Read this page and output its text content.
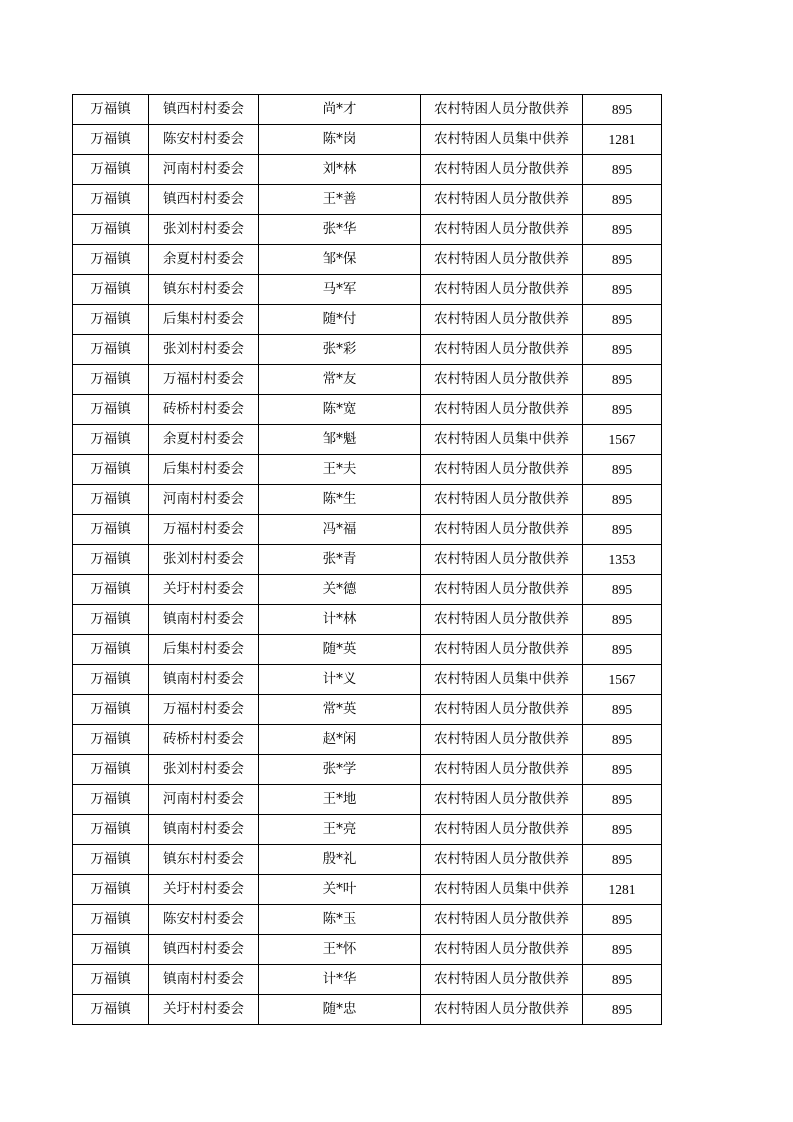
万福镇	镇西村村委会	尚*才	农村特困人员分散供养	895
万福镇	陈安村村委会	陈*岗	农村特困人员集中供养	1281
万福镇	河南村村委会	刘*林	农村特困人员分散供养	895
万福镇	镇西村村委会	王*善	农村特困人员分散供养	895
万福镇	张刘村村委会	张*华	农村特困人员分散供养	895
万福镇	余夏村村委会	邹*保	农村特困人员分散供养	895
万福镇	镇东村村委会	马*军	农村特困人员分散供养	895
万福镇	后集村村委会	随*付	农村特困人员分散供养	895
万福镇	张刘村村委会	张*彩	农村特困人员分散供养	895
万福镇	万福村村委会	常*友	农村特困人员分散供养	895
万福镇	砖桥村村委会	陈*宽	农村特困人员分散供养	895
万福镇	余夏村村委会	邹*魁	农村特困人员集中供养	1567
万福镇	后集村村委会	王*夫	农村特困人员分散供养	895
万福镇	河南村村委会	陈*生	农村特困人员分散供养	895
万福镇	万福村村委会	冯*福	农村特困人员分散供养	895
万福镇	张刘村村委会	张*青	农村特困人员分散供养	1353
万福镇	关圩村村委会	关*德	农村特困人员分散供养	895
万福镇	镇南村村委会	计*林	农村特困人员分散供养	895
万福镇	后集村村委会	随*英	农村特困人员分散供养	895
万福镇	镇南村村委会	计*义	农村特困人员集中供养	1567
万福镇	万福村村委会	常*英	农村特困人员分散供养	895
万福镇	砖桥村村委会	赵*闲	农村特困人员分散供养	895
万福镇	张刘村村委会	张*学	农村特困人员分散供养	895
万福镇	河南村村委会	王*地	农村特困人员分散供养	895
万福镇	镇南村村委会	王*亮	农村特困人员分散供养	895
万福镇	镇东村村委会	殷*礼	农村特困人员分散供养	895
万福镇	关圩村村委会	关*叶	农村特困人员集中供养	1281
万福镇	陈安村村委会	陈*玉	农村特困人员分散供养	895
万福镇	镇西村村委会	王*怀	农村特困人员分散供养	895
万福镇	镇南村村委会	计*华	农村特困人员分散供养	895
万福镇	关圩村村委会	随*忠	农村特困人员分散供养	895
